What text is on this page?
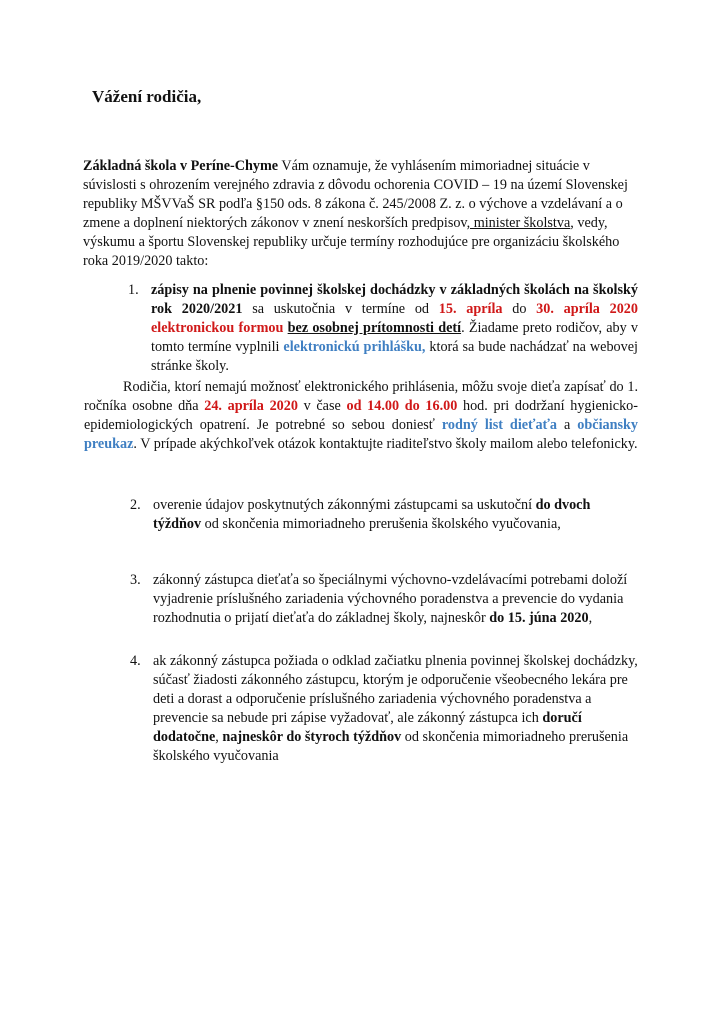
Vážení rodičia,
Základná škola v Períne-Chyme Vám oznamuje, že vyhlásením mimoriadnej situácie v súvislosti s ohrozením verejného zdravia z dôvodu ochorenia COVID – 19 na území Slovenskej republiky MŠVVaŠ SR podľa §150 ods. 8 zákona č. 245/2008 Z. z. o výchove a vzdelávaní a o zmene a doplnení niektorých zákonov v znení neskorších predpisov, minister školstva, vedy, výskumu a športu Slovenskej republiky určuje termíny rozhodujúce pre organizáciu školského roka 2019/2020 takto:
1. zápisy na plnenie povinnej školskej dochádzky v základných školách na školský rok 2020/2021 sa uskutočnia v termíne od 15. apríla do 30. apríla 2020 elektronickou formou bez osobnej prítomnosti detí. Žiadame preto rodičov, aby v tomto termíne vyplnili elektronickú prihlášku, ktorá sa bude nachádzať na webovej stránke školy.
Rodičia, ktorí nemajú možnosť elektronického prihlásenia, môžu svoje dieťa zapísať do 1. ročníka osobne dňa 24. apríla 2020 v čase od 14.00 do 16.00 hod. pri dodržaní hygienicko-epidemiologických opatrení. Je potrebné so sebou doniesť rodný list dieťaťa a občiansky preukaz. V prípade akýchkoľvek otázok kontaktujte riaditeľstvo školy mailom alebo telefonicky.
2. overenie údajov poskytnutých zákonnými zástupcami sa uskutoční do dvoch týždňov od skončenia mimoriadneho prerušenia školského vyučovania,
3. zákonný zástupca dieťaťa so špeciálnymi výchovno-vzdelávacími potrebami doloží vyjadrenie príslušného zariadenia výchovného poradenstva a prevencie do vydania rozhodnutia o prijatí dieťaťa do základnej školy, najneskôr do 15. júna 2020,
4. ak zákonný zástupca požiada o odklad začiatku plnenia povinnej školskej dochádzky, súčasť žiadosti zákonného zástupcu, ktorým je odporučenie všeobecného lekára pre deti a dorast a odporučenie príslušného zariadenia výchovného poradenstva a prevencie sa nebude pri zápise vyžadovať, ale zákonný zástupca ich doručí dodatočne, najneskôr do štyroch týždňov od skončenia mimoriadneho prerušenia školského vyučovania
